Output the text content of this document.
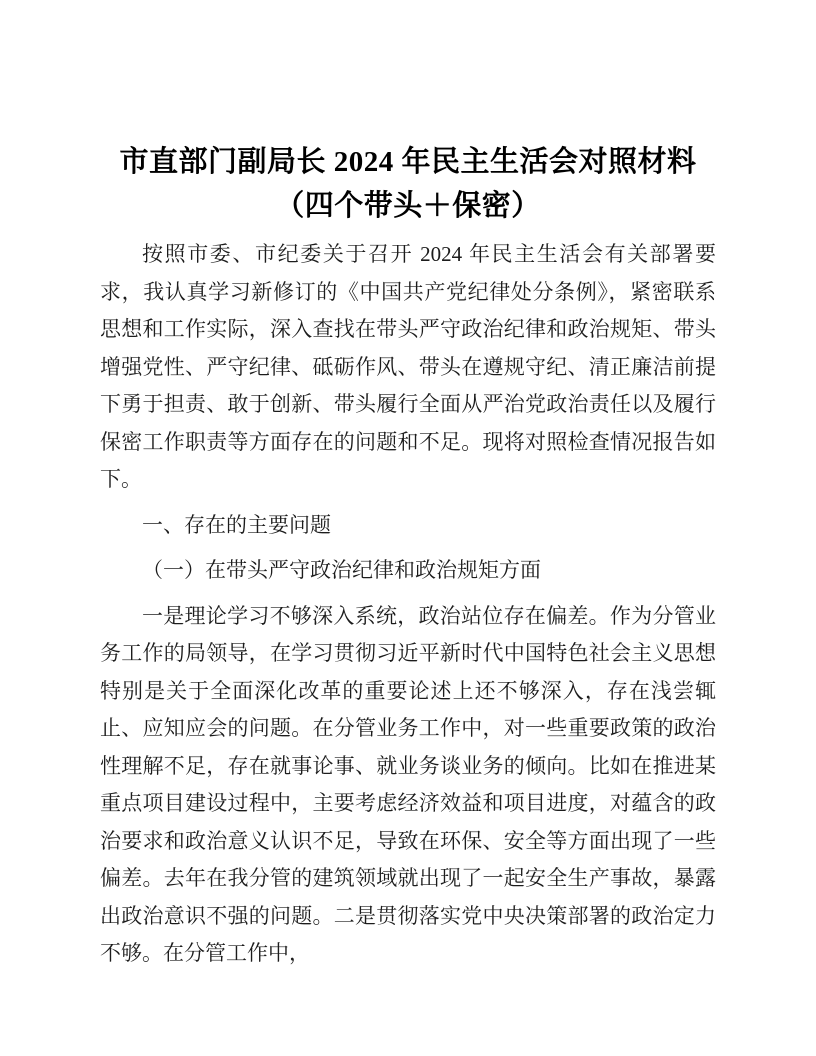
市直部门副局长 2024 年民主生活会对照材料
（四个带头＋保密）

按照市委、市纪委关于召开 2024 年民主生活会有关部署要求，我认真学习新修订的《中国共产党纪律处分条例》，紧密联系思想和工作实际，深入查找在带头严守政治纪律和政治规矩、带头增强党性、严守纪律、砥砺作风、带头在遵规守纪、清正廉洁前提下勇于担责、敢于创新、带头履行全面从严治党政治责任以及履行保密工作职责等方面存在的问题和不足。现将对照检查情况报告如下。

一、存在的主要问题

（一）在带头严守政治纪律和政治规矩方面

一是理论学习不够深入系统，政治站位存在偏差。作为分管业务工作的局领导，在学习贯彻习近平新时代中国特色社会主义思想特别是关于全面深化改革的重要论述上还不够深入，存在浅尝辄止、应知应会的问题。在分管业务工作中，对一些重要政策的政治性理解不足，存在就事论事、就业务谈业务的倾向。比如在推进某重点项目建设过程中，主要考虑经济效益和项目进度，对蕴含的政治要求和政治意义认识不足，导致在环保、安全等方面出现了一些偏差。去年在我分管的建筑领域就出现了一起安全生产事故，暴露出政治意识不强的问题。二是贯彻落实党中央决策部署的政治定力不够。在分管工作中，
